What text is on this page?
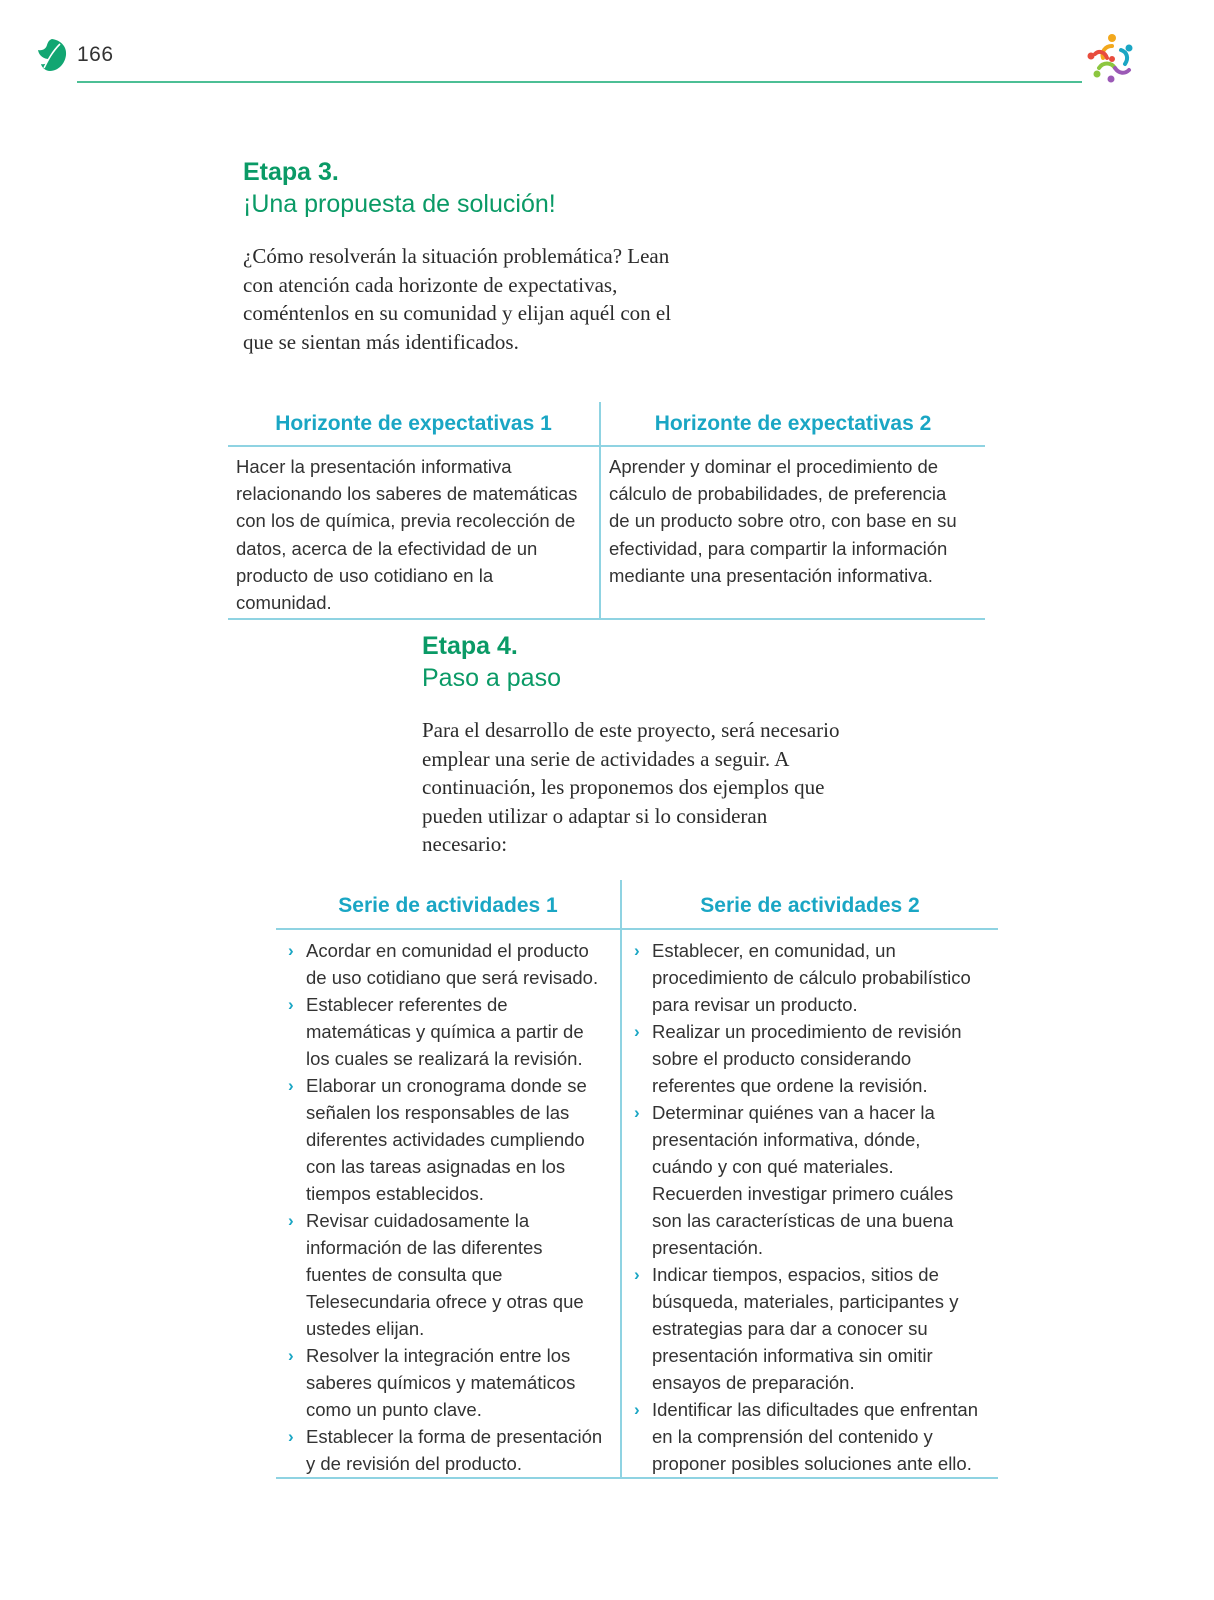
166

Etapa 3.

¡Una propuesta de solución!

¿Cómo resolverán la situación problemática? Lean con atención cada horizonte de expectativas, coméntenlos en su comunidad y elijan aquél con el que se sientan más identificados.

Horizonte de expectativas 1	Horizonte de expectativas 2

Hacer la presentación informativa relacionando los saberes de matemáticas con los de química, previa recolección de datos, acerca de la efectividad de un producto de uso cotidiano en la comunidad.

Aprender y dominar el procedimiento de cálculo de probabilidades, de preferencia de un producto sobre otro, con base en su efectividad, para compartir la información mediante una presentación informativa.

Etapa 4.

Paso a paso

Para el desarrollo de este proyecto, será necesario emplear una serie de actividades a seguir. A continuación, les proponemos dos ejemplos que pueden utilizar o adaptar si lo consideran necesario:

Serie de actividades 1	Serie de actividades 2
› Acordar en comunidad el producto de uso cotidiano que será revisado.
› Establecer referentes de matemáticas y química a partir de los cuales se realizará la revisión.
› Elaborar un cronograma donde se señalen los responsables de las diferentes actividades cumpliendo con las tareas asignadas en los tiempos establecidos.
› Revisar cuidadosamente la información de las diferentes fuentes de consulta que Telesecundaria ofrece y otras que ustedes elijan.
› Resolver la integración entre los saberes químicos y matemáticos como un punto clave.
› Establecer la forma de presentación y de revisión del producto.
› Establecer, en comunidad, un procedimiento de cálculo probabilístico para revisar un producto.
› Realizar un procedimiento de revisión sobre el producto considerando referentes que ordene la revisión.
› Determinar quiénes van a hacer la presentación informativa, dónde, cuándo y con qué materiales. Recuerden investigar primero cuáles son las características de una buena presentación.
› Indicar tiempos, espacios, sitios de búsqueda, materiales, participantes y estrategias para dar a conocer su presentación informativa sin omitir ensayos de preparación.
› Identificar las dificultades que enfrentan en la comprensión del contenido y proponer posibles soluciones ante ello.
